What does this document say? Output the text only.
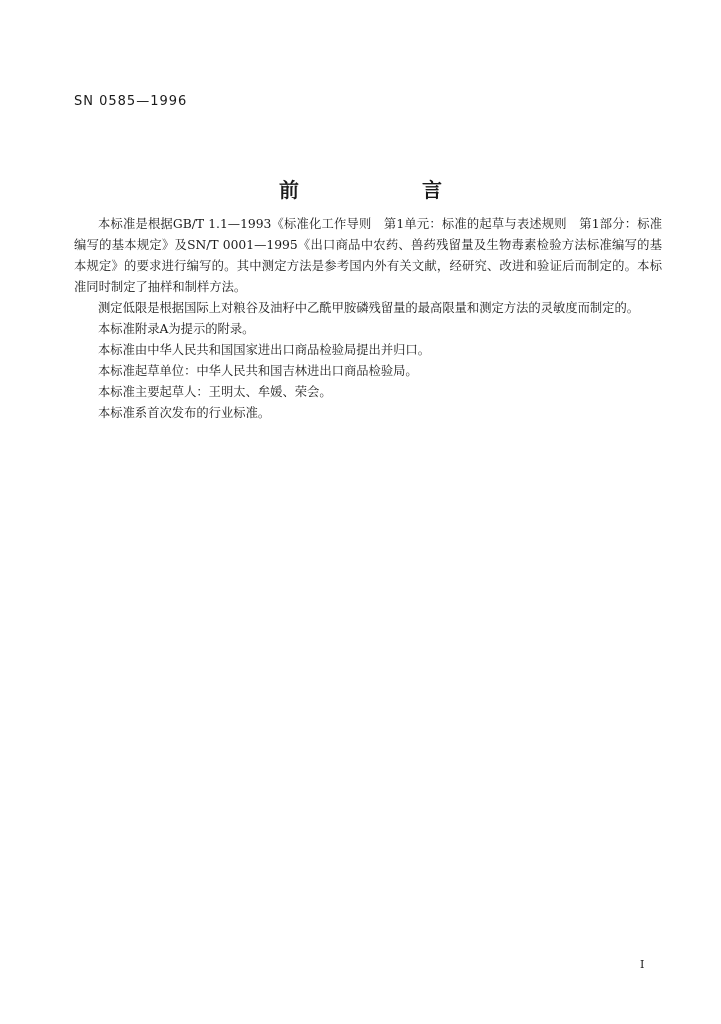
SN 0585—1996
前 言

本标准是根据GB/T 1.1—1993《标准化工作导则　第1单元：标准的起草与表述规则　第1部分：标准编写的基本规定》及SN/T 0001—1995《出口商品中农药、兽药残留量及生物毒素检验方法标准编写的基本规定》的要求进行编写的。其中测定方法是参考国内外有关文献，经研究、改进和验证后而制定的。本标准同时制定了抽样和制样方法。

测定低限是根据国际上对粮谷及油籽中乙酰甲胺磷残留量的最高限量和测定方法的灵敏度而制定的。

本标准附录A为提示的附录。

本标准由中华人民共和国国家进出口商品检验局提出并归口。

本标准起草单位：中华人民共和国吉林进出口商品检验局。

本标准主要起草人：王明太、牟媛、荣会。

本标准系首次发布的行业标准。

I
